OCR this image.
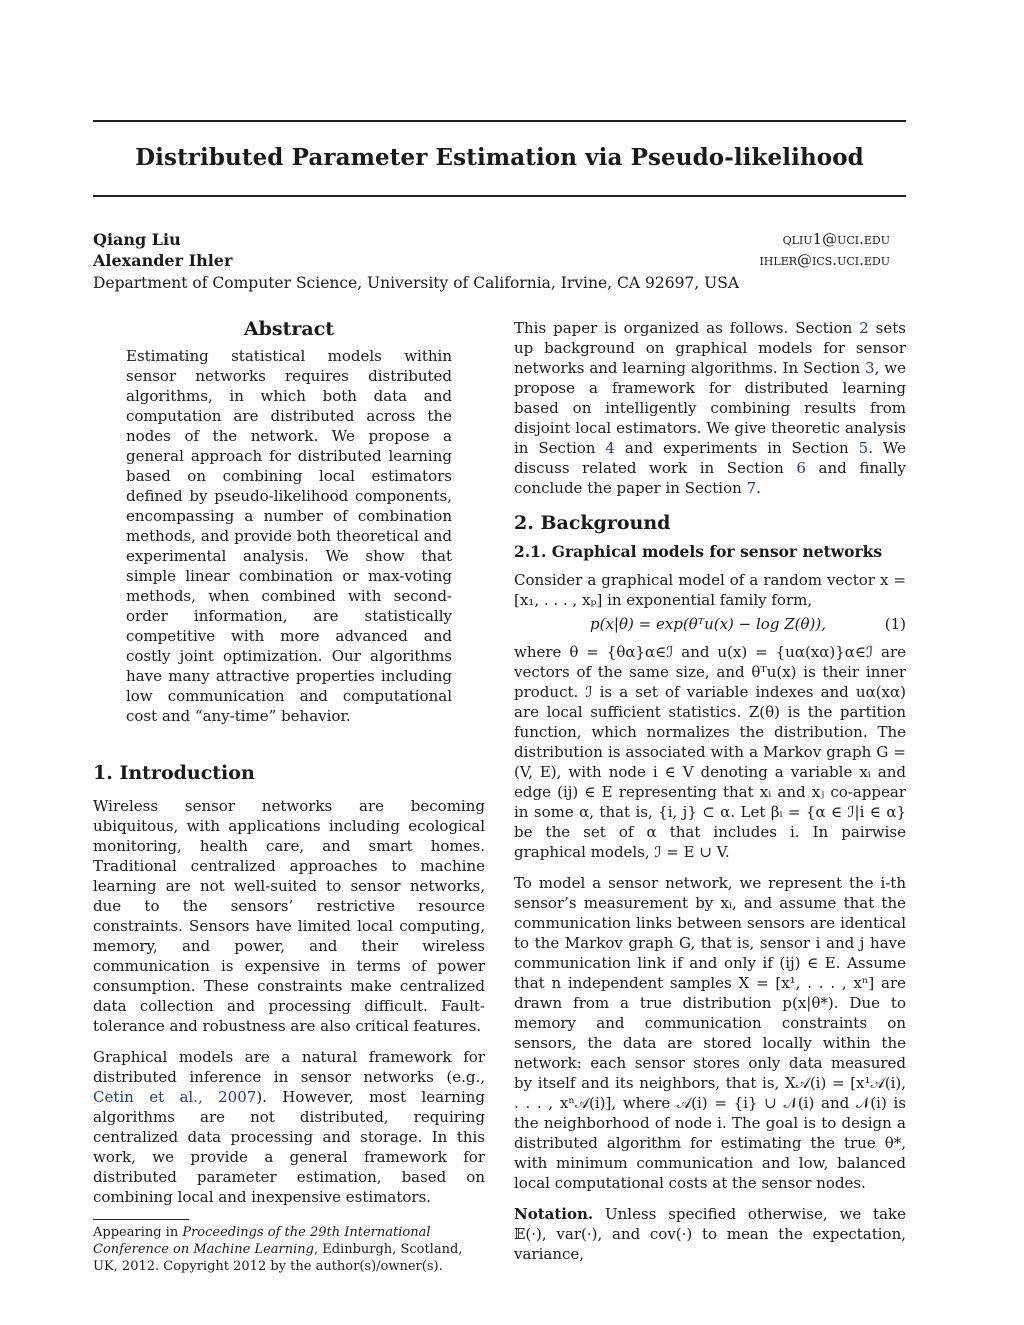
Distributed Parameter Estimation via Pseudo-likelihood
Qiang Liu	qliu1@uci.edu
Alexander Ihler	ihler@ics.uci.edu
Department of Computer Science, University of California, Irvine, CA 92697, USA
Abstract
Estimating statistical models within sensor networks requires distributed algorithms, in which both data and computation are distributed across the nodes of the network. We propose a general approach for distributed learning based on combining local estimators defined by pseudo-likelihood components, encompassing a number of combination methods, and provide both theoretical and experimental analysis. We show that simple linear combination or max-voting methods, when combined with second-order information, are statistically competitive with more advanced and costly joint optimization. Our algorithms have many attractive properties including low communication and computational cost and “any-time” behavior.
1. Introduction

Wireless sensor networks are becoming ubiquitous, with applications including ecological monitoring, health care, and smart homes. Traditional centralized approaches to machine learning are not well-suited to sensor networks, due to the sensors’ restrictive resource constraints. Sensors have limited local computing, memory, and power, and their wireless communication is expensive in terms of power consumption. These constraints make centralized data collection and processing difficult. Fault-tolerance and robustness are also critical features.

Graphical models are a natural framework for distributed inference in sensor networks (e.g., Cetin et al., 2007). However, most learning algorithms are not distributed, requiring centralized data processing and storage. In this work, we provide a general framework for distributed parameter estimation, based on combining local and inexpensive estimators.

Appearing in Proceedings of the 29th International Conference on Machine Learning, Edinburgh, Scotland, UK, 2012. Copyright 2012 by the author(s)/owner(s).

This paper is organized as follows. Section 2 sets up background on graphical models for sensor networks and learning algorithms. In Section 3, we propose a framework for distributed learning based on intelligently combining results from disjoint local estimators. We give theoretic analysis in Section 4 and experiments in Section 5. We discuss related work in Section 6 and finally conclude the paper in Section 7.

2. Background
2.1. Graphical models for sensor networks

Consider a graphical model of a random vector x = [x₁, . . . , xₚ] in exponential family form,

p(x|θ) = exp(θᵀu(x) − log Z(θ)),	(1)

where θ = {θα}α∈ℐ and u(x) = {uα(xα)}α∈ℐ are vectors of the same size, and θᵀu(x) is their inner product. ℐ is a set of variable indexes and uα(xα) are local sufficient statistics. Z(θ) is the partition function, which normalizes the distribution. The distribution is associated with a Markov graph G = (V, E), with node i ∈ V denoting a variable xᵢ and edge (ij) ∈ E representing that xᵢ and xⱼ co-appear in some α, that is, {i, j} ⊂ α. Let βᵢ = {α ∈ ℐ|i ∈ α} be the set of α that includes i. In pairwise graphical models, ℐ = E ∪ V.

To model a sensor network, we represent the i-th sensor’s measurement by xᵢ, and assume that the communication links between sensors are identical to the Markov graph G, that is, sensor i and j have communication link if and only if (ij) ∈ E. Assume that n independent samples X = [x¹, . . . , xⁿ] are drawn from a true distribution p(x|θ*). Due to memory and communication constraints on sensors, the data are stored locally within the network: each sensor stores only data measured by itself and its neighbors, that is, X𝒜(i) = [x¹𝒜(i), . . . , xⁿ𝒜(i)], where 𝒜(i) = {i} ∪ 𝒩(i) and 𝒩(i) is the neighborhood of node i. The goal is to design a distributed algorithm for estimating the true θ*, with minimum communication and low, balanced local computational costs at the sensor nodes.

Notation. Unless specified otherwise, we take 𝔼(·), var(·), and cov(·) to mean the expectation, variance,
